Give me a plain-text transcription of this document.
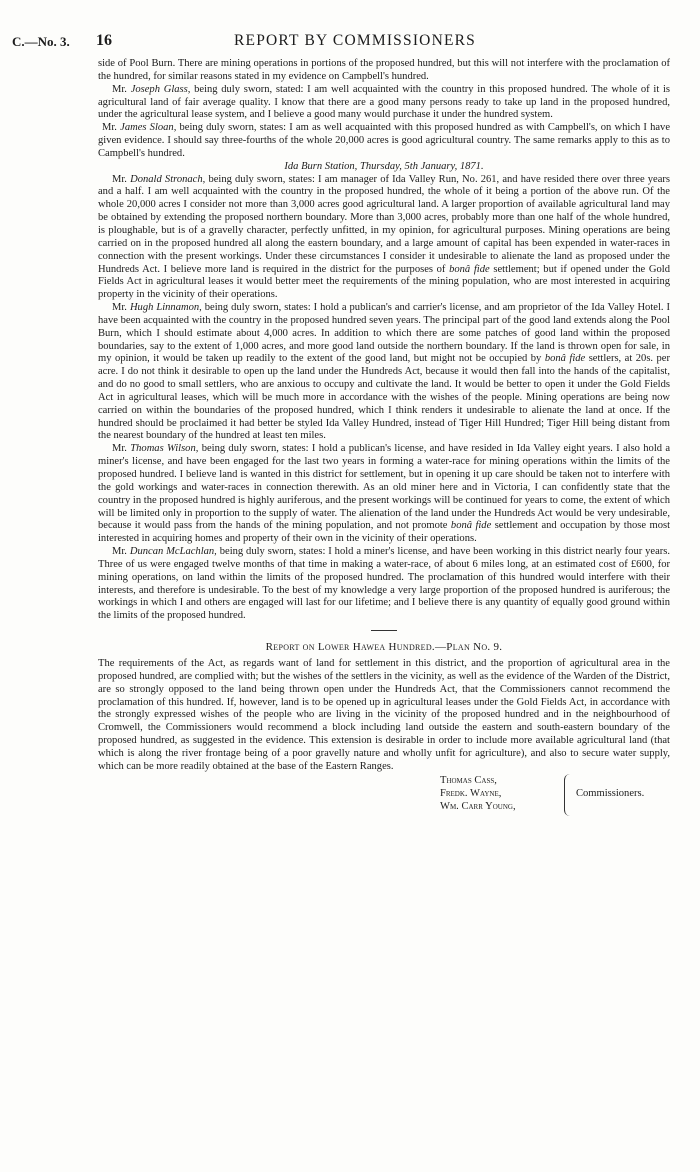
C.—No. 3. 16	REPORT BY COMMISSIONERS

side of Pool Burn. There are mining operations in portions of the proposed hundred, but this will not interfere with the proclamation of the hundred, for similar reasons stated in my evidence on Campbell's hundred.

Mr. Joseph Glass, being duly sworn, stated: I am well acquainted with the country in this proposed hundred. The whole of it is agricultural land of fair average quality. I know that there are a good many persons ready to take up land in the proposed hundred, under the agricultural lease system, and I believe a good many would purchase it under the hundred system.

Mr. James Sloan, being duly sworn, states: I am as well acquainted with this proposed hundred as with Campbell's, on which I have given evidence. I should say three-fourths of the whole 20,000 acres is good agricultural country. The same remarks apply to this as to Campbell's hundred.

Ida Burn Station, Thursday, 5th January, 1871.

Mr. Donald Stronach, being duly sworn, states: I am manager of Ida Valley Run, No. 261, and have resided there over three years and a half. I am well acquainted with the country in the proposed hundred, the whole of it being a portion of the above run. Of the whole 20,000 acres I consider not more than 3,000 acres good agricultural land. A larger proportion of available agricultural land may be obtained by extending the proposed northern boundary. More than 3,000 acres, probably more than one half of the whole hundred, is ploughable, but is of a gravelly character, perfectly unfitted, in my opinion, for agricultural purposes. Mining operations are being carried on in the proposed hundred all along the eastern boundary, and a large amount of capital has been expended in water-races in connection with the present workings. Under these circumstances I consider it undesirable to alienate the land as proposed under the Hundreds Act. I believe more land is required in the district for the purposes of bonâ fide settlement; but if opened under the Gold Fields Act in agricultural leases it would better meet the requirements of the mining population, who are most interested in acquiring property in the vicinity of their operations.

Mr. Hugh Linnamon, being duly sworn, states: I hold a publican's and carrier's license, and am proprietor of the Ida Valley Hotel. I have been acquainted with the country in the proposed hundred seven years. The principal part of the good land extends along the Pool Burn, which I should estimate about 4,000 acres. In addition to which there are some patches of good land within the proposed boundaries, say to the extent of 1,000 acres, and more good land outside the northern boundary. If the land is thrown open for sale, in my opinion, it would be taken up readily to the extent of the good land, but might not be occupied by bonâ fide settlers, at 20s. per acre. I do not think it desirable to open up the land under the Hundreds Act, because it would then fall into the hands of the capitalist, and do no good to small settlers, who are anxious to occupy and cultivate the land. It would be better to open it under the Gold Fields Act in agricultural leases, which will be much more in accordance with the wishes of the people. Mining operations are being now carried on within the boundaries of the proposed hundred, which I think renders it undesirable to alienate the land at once. If the hundred should be proclaimed it had better be styled Ida Valley Hundred, instead of Tiger Hill Hundred; Tiger Hill being distant from the nearest boundary of the hundred at least ten miles.

Mr. Thomas Wilson, being duly sworn, states: I hold a publican's license, and have resided in Ida Valley eight years. I also hold a miner's license, and have been engaged for the last two years in forming a water-race for mining operations within the limits of the proposed hundred. I believe land is wanted in this district for settlement, but in opening it up care should be taken not to interfere with the gold workings and water-races in connection therewith. As an old miner here and in Victoria, I can confidently state that the country in the proposed hundred is highly auriferous, and the present workings will be continued for years to come, the extent of which will be limited only in proportion to the supply of water. The alienation of the land under the Hundreds Act would be very undesirable, because it would pass from the hands of the mining population, and not promote bonâ fide settlement and occupation by those most interested in acquiring homes and property of their own in the vicinity of their operations.

Mr. Duncan McLachlan, being duly sworn, states: I hold a miner's license, and have been working in this district nearly four years. Three of us were engaged twelve months of that time in making a water-race, of about 6 miles long, at an estimated cost of £600, for mining operations, on land within the limits of the proposed hundred. The proclamation of this hundred would interfere with their interests, and therefore is undesirable. To the best of my knowledge a very large proportion of the proposed hundred is auriferous; the workings in which I and others are engaged will last for our lifetime; and I believe there is any quantity of equally good ground within the limits of the proposed hundred.

Report on Lower Hawea Hundred.—Plan No. 9.

The requirements of the Act, as regards want of land for settlement in this district, and the proportion of agricultural area in the proposed hundred, are complied with; but the wishes of the settlers in the vicinity, as well as the evidence of the Warden of the District, are so strongly opposed to the land being thrown open under the Hundreds Act, that the Commissioners cannot recommend the proclamation of this hundred. If, however, land is to be opened up in agricultural leases under the Gold Fields Act, in accordance with the strongly expressed wishes of the people who are living in the vicinity of the proposed hundred and in the neighbourhood of Cromwell, the Commissioners would recommend a block including land outside the eastern and south-eastern boundary of the proposed hundred, as suggested in the evidence. This extension is desirable in order to include more available agricultural land (that which is along the river frontage being of a poor gravelly nature and wholly unfit for agriculture), and also to secure water supply, which can be more readily obtained at the base of the Eastern Ranges.

Thomas Cass,
Fredk. Wayne,
Wm. Carr Young,
Commissioners.
